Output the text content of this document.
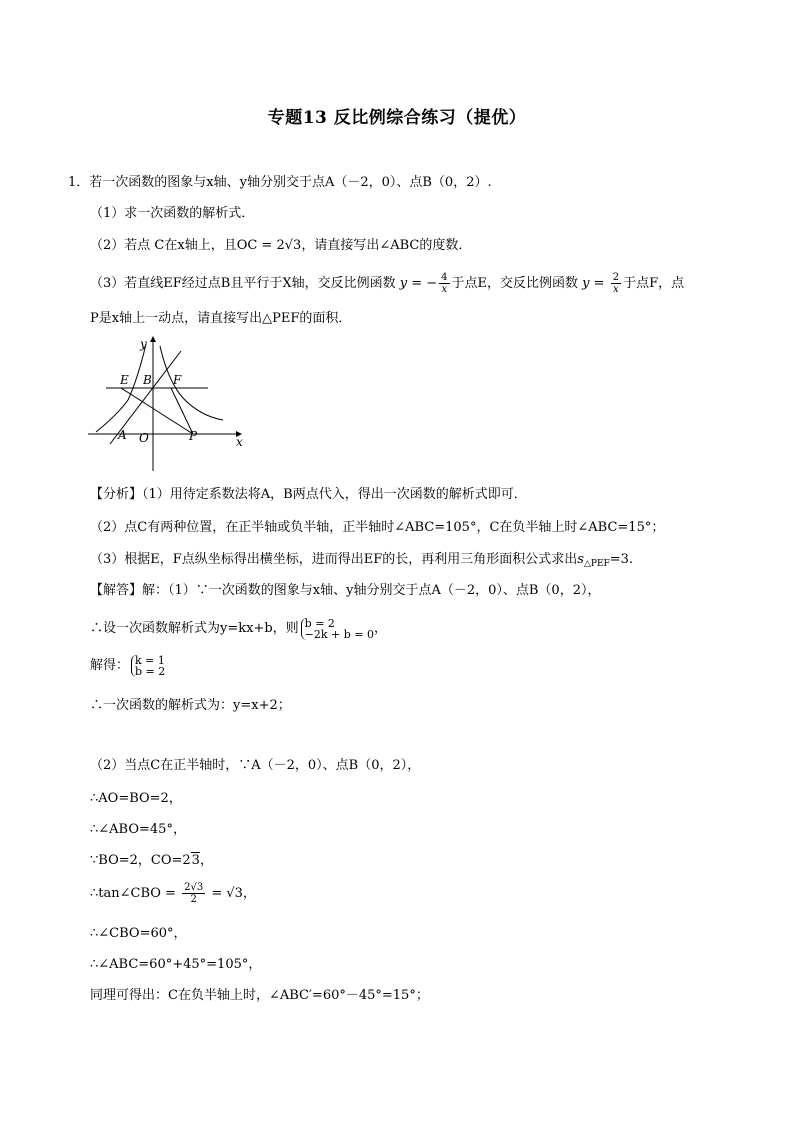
专题13 反比例综合练习（提优）
1．若一次函数的图象与x轴、y轴分别交于点A（－2，0）、点B（0，2）.
（1）求一次函数的解析式．
（2）若点 C在x轴上，且OC = 2√3，请直接写出∠ABC的度数．
（3）若直线EF经过点B且平行于X轴，交反比例函数 y = − $\frac{4}{x}$ 于点E，交反比例函数 $y = \frac{2}{x}$ 于点F，点
P是x轴上一动点，请直接写出△PEF的面积．
x
y
E B F
A O	P
【分析】（1）用待定系数法将A，B两点代入，得出一次函数的解析式即可．
（2）点C有两种位置，在正半轴或负半轴，正半轴时∠ABC=105°，C在负半轴上时∠ABC=15°；
（3）根据E，F点纵坐标得出横坐标，进而得出EF的长，再利用三角形面积公式求出$s_{\triangle PEF}=3$.
【解答】解：（1）∵一次函数的图象与x轴、y轴分别交于点A（－2，0）、点B（0，2），
∴设一次函数解析式为y=kx+b，则 b = 2
−2k + b = 0 ，
解得： k = 1
b = 2
∴一次函数的解析式为：y=x+2；
（2）当点C在正半轴时，∵A（－2，0）、点B（0，2），
∴AO=BO=2，
∴∠ABO=45°，
∵BO=2，CO=23，
∴tan∠CBO = $\frac{2√3}{2} = √3$，
∴∠CBO=60°，
∴∠ABC=60°+45°=105°，
同理可得出：C在负半轴上时，∠ABC′=60°－45°=15°；
